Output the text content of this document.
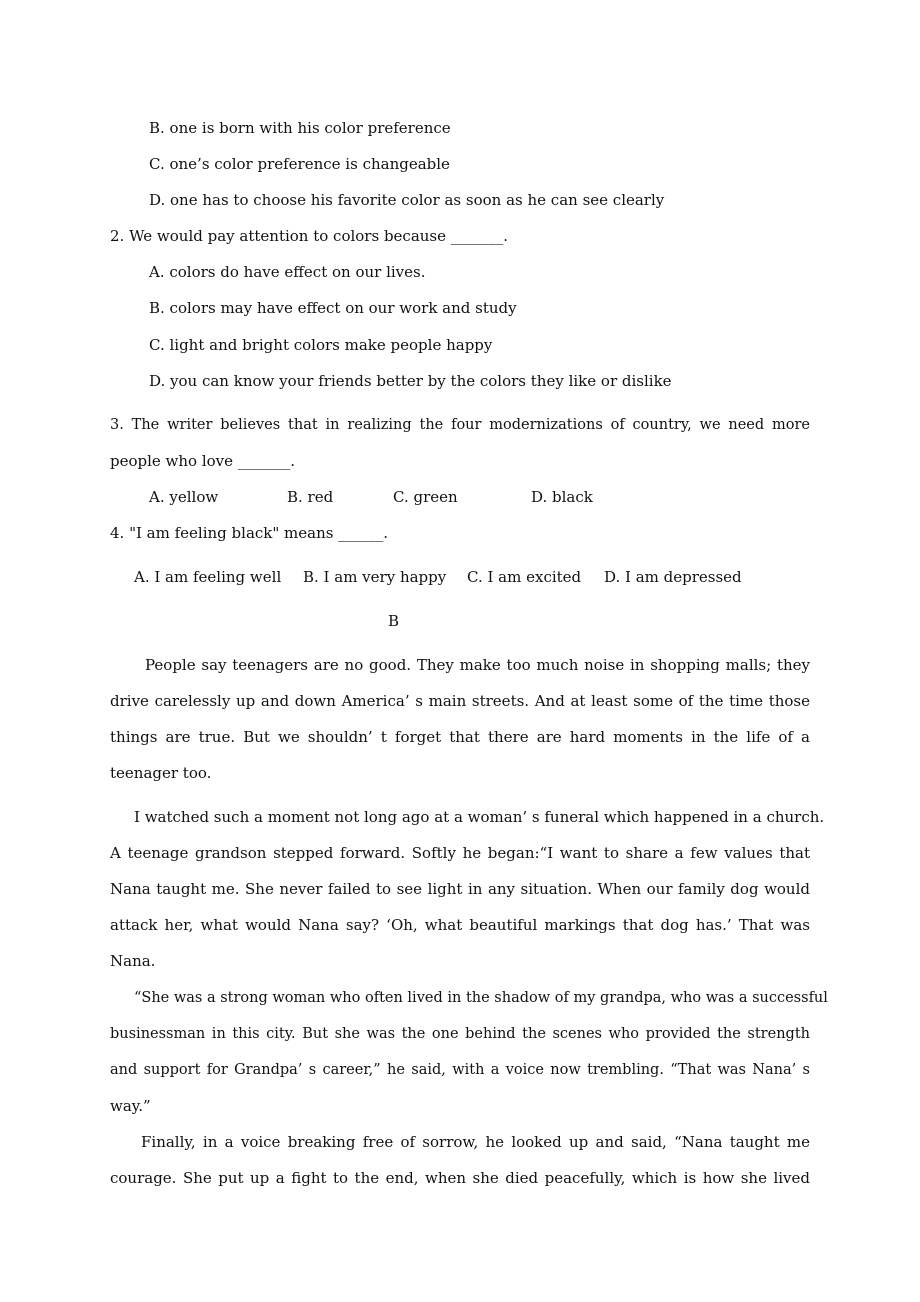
B. one is born with his color preference
C. one’s color preference is changeable
D. one has to choose his favorite color as soon as he can see clearly
2. We would pay attention to colors because _______.
A. colors do have effect on our lives.
B. colors may have effect on our work and study
C. light and bright colors make people happy
D. you can know your friends better by the colors they like or dislike
3. The writer believes that in realizing the four modernizations of country, we need more
people who love _______.
A. yellow	B. red	C. green	D. black
4. "I am feeling black" means ______.
A. I am feeling well B. I am very happy C. I am excited D. I am depressed
B
People say teenagers are no good. They make too much noise in shopping malls; they
drive carelessly up and down America’ s main streets. And at least some of the time those
things are true. But we shouldn’ t forget that there are hard moments in the life of a
teenager too.
I watched such a moment not long ago at a woman’ s funeral which happened in a church.
A teenage grandson stepped forward. Softly he began:“I want to share a few values that
Nana taught me. She never failed to see light in any situation. When our family dog would
attack her, what would Nana say? ‘Oh, what beautiful markings that dog has.’ That was
Nana.
“She was a strong woman who often lived in the shadow of my grandpa, who was a successful
businessman in this city. But she was the one behind the scenes who provided the strength
and support for Grandpa’ s career,” he said, with a voice now trembling. “That was Nana’ s
way.”
Finally, in a voice breaking free of sorrow, he looked up and said, “Nana taught me
courage. She put up a fight to the end, when she died peacefully, which is how she lived
